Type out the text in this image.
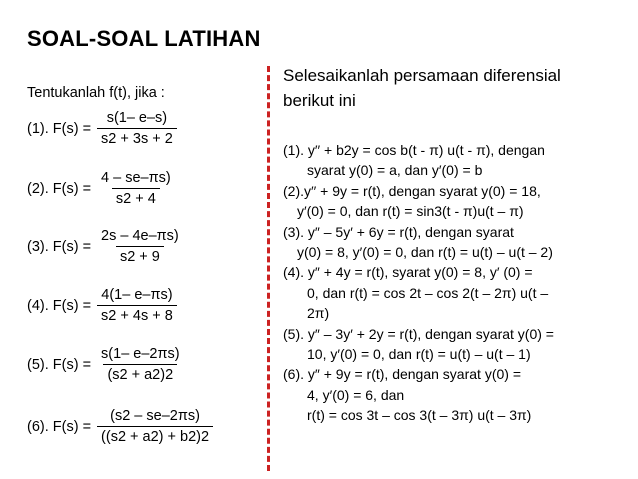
SOAL-SOAL LATIHAN
Tentukanlah f(t), jika :
(1). $F(s) = \frac{s(1- e-s)}{s2 + 3s + 2}$
(2). $F(s) = \frac{4 - se-\pi s)}{s2 + 4}$
(3). $F(s) = \frac{2s - 4e-\pi s)}{s2 + 9}$
(4). $F(s) = \frac{4(1- e-\pi s)}{s2 + 4s + 8}$
(5). $F(s) = \frac{s(1- e-2\pi s)}{(s2 + a2)2}$
(6). $F(s) = \frac{(s2 - se-2\pi s)}{((s2 + a2) + b2)2}$
Selesaikanlah persamaan diferensial
berikut ini
(1). y′′ + b2y = cos b(t - π) u(t - π), dengan
syarat y(0) = a, dan y′(0) = b
(2).y′′ + 9y = r(t), dengan syarat y(0) = 18,
y′(0) = 0, dan r(t) = sin3(t - π)u(t – π)
(3). y″ – 5y′ + 6y = r(t), dengan syarat
y(0) = 8, y′(0) = 0, dan r(t) = u(t) – u(t – 2)
(4). y″ + 4y = r(t), syarat y(0) = 8, y′ (0) =
0, dan r(t) = cos 2t – cos 2(t – 2π) u(t –
2π)
(5). y″ – 3y′ + 2y = r(t), dengan syarat y(0) =
10, y′(0) = 0, dan r(t) = u(t) – u(t – 1)
(6). y″ + 9y = r(t), dengan syarat y(0) =
4, y′(0) = 6, dan
r(t) = cos 3t – cos 3(t – 3π) u(t – 3π)
